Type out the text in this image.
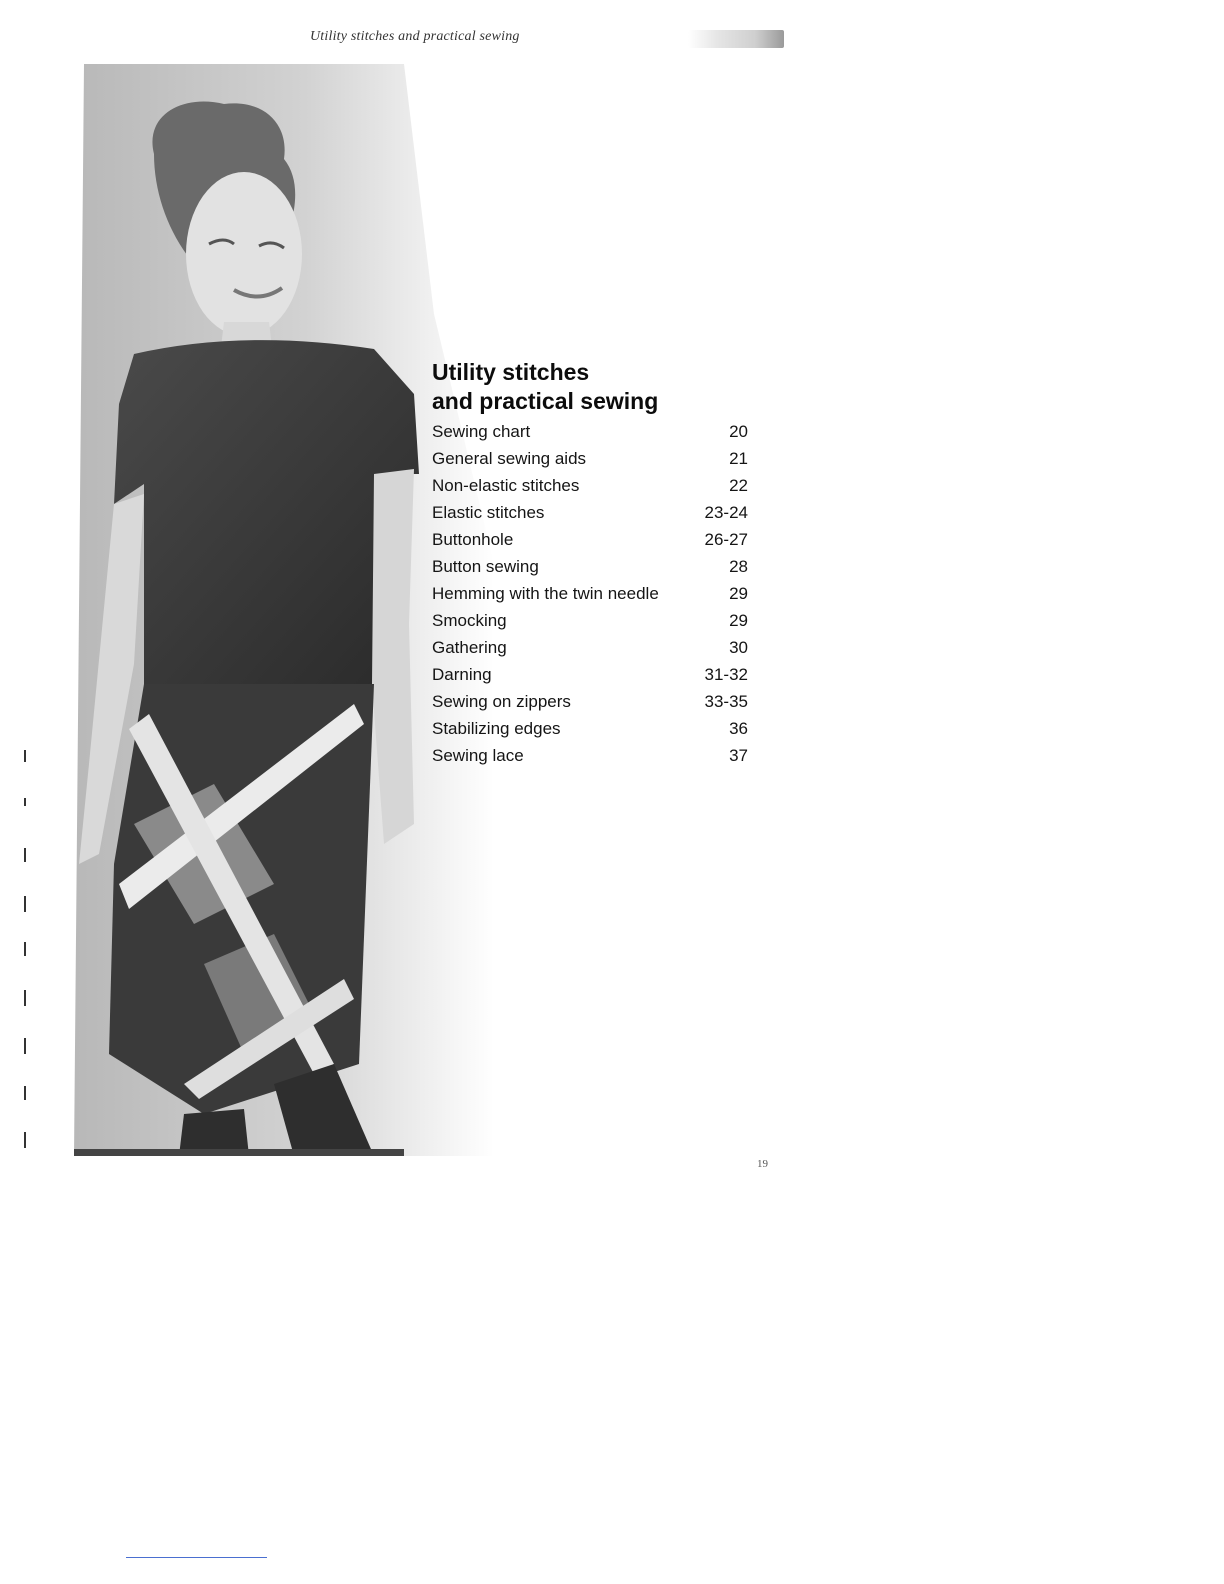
Utility stitches and practical sewing
Utility stitches
and practical sewing
Sewing chart	20
General sewing aids	21
Non-elastic stitches	22
Elastic stitches	23-24
Buttonhole	26-27
Button sewing	28
Hemming with the twin needle	29
Smocking	29
Gathering	30
Darning	31-32
Sewing on zippers	33-35
Stabilizing edges	36
Sewing lace	37
19
